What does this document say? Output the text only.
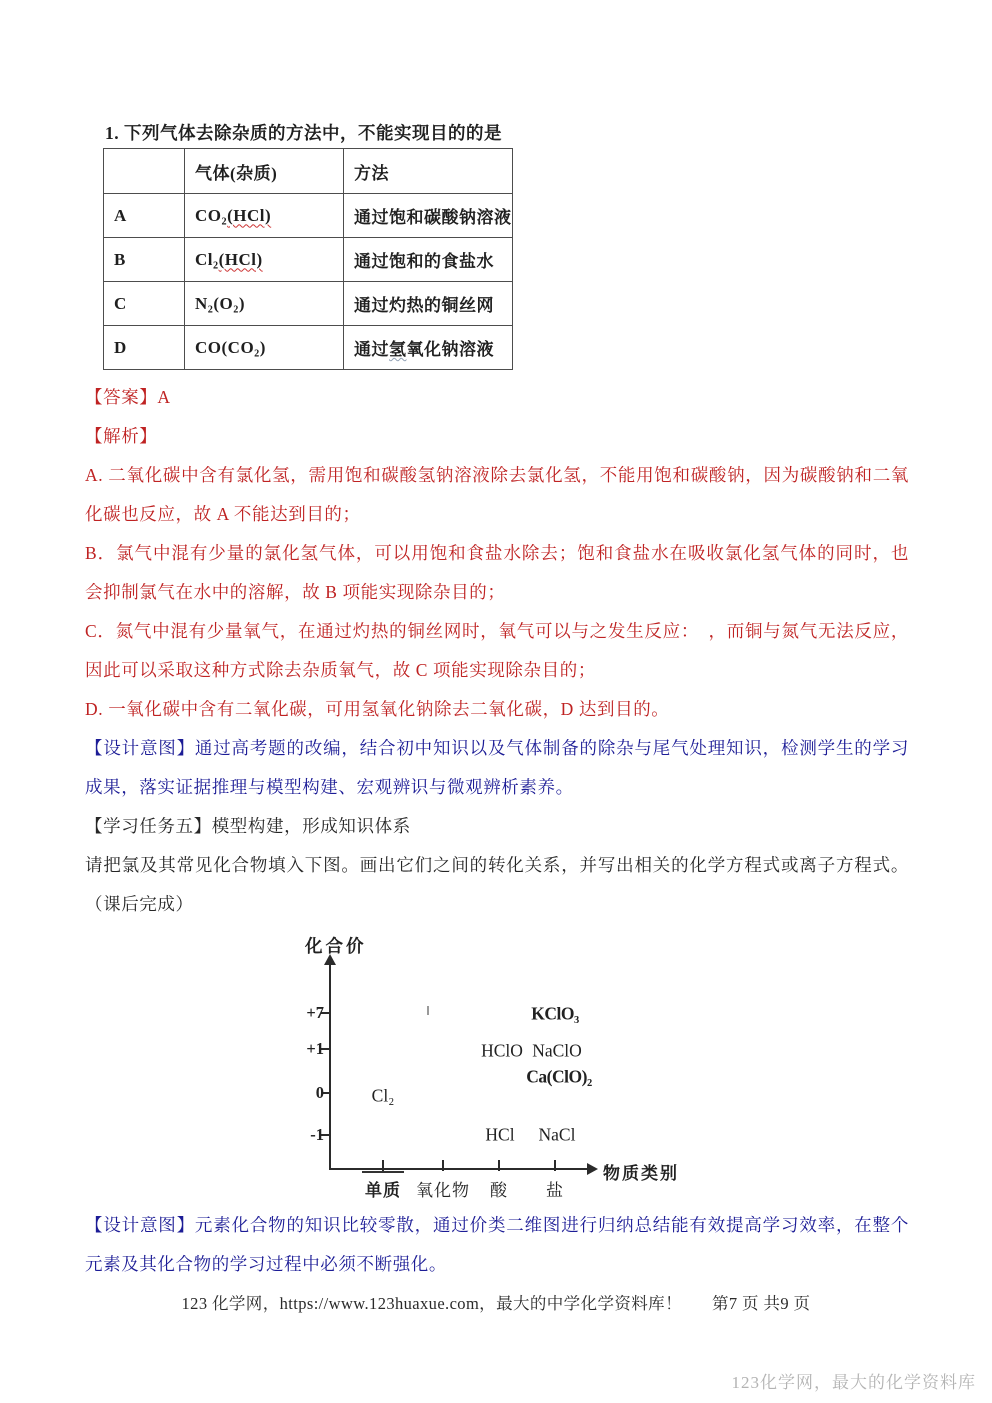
1. 下列气体去除杂质的方法中，不能实现目的的是
	气体(杂质)	方法
A	CO₂(HCl)	通过饱和碳酸钠溶液
B	Cl₂(HCl)	通过饱和的食盐水
C	N₂(O₂)	通过灼热的铜丝网
D	CO(CO₂)	通过氢氧化钠溶液

【答案】A

【解析】

A. 二氧化碳中含有氯化氢，需用饱和碳酸氢钠溶液除去氯化氢，不能用饱和碳酸钠，因为碳酸钠和二氧化碳也反应，故 A 不能达到目的；

B．氯气中混有少量的氯化氢气体，可以用饱和食盐水除去；饱和食盐水在吸收氯化氢气体的同时，也会抑制氯气在水中的溶解，故 B 项能实现除杂目的；

C．氮气中混有少量氧气，在通过灼热的铜丝网时，氧气可以与之发生反应：　，而铜与氮气无法反应，因此可以采取这种方式除去杂质氧气，故 C 项能实现除杂目的；

D. 一氧化碳中含有二氧化碳，可用氢氧化钠除去二氧化碳，D 达到目的。

【设计意图】通过高考题的改编，结合初中知识以及气体制备的除杂与尾气处理知识，检测学生的学习成果，落实证据推理与模型构建、宏观辨识与微观辨析素养。

【学习任务五】模型构建，形成知识体系

请把氯及其常见化合物填入下图。画出它们之间的转化关系，并写出相关的化学方程式或离子方程式。（课后完成）

化合价
物质类别
+7
+1
0
-1
单质 氧化物 酸 盐
KClO₃
HClO NaClO
Ca(ClO)₂
Cl₂
HCl NaCl
【设计意图】元素化合物的知识比较零散，通过价类二维图进行归纳总结能有效提高学习效率，在整个元素及其化合物的学习过程中必须不断强化。
123 化学网，https://www.123huaxue.com，最大的中学化学资料库！ 第7 页 共9 页
123化学网，最大的化学资料库
